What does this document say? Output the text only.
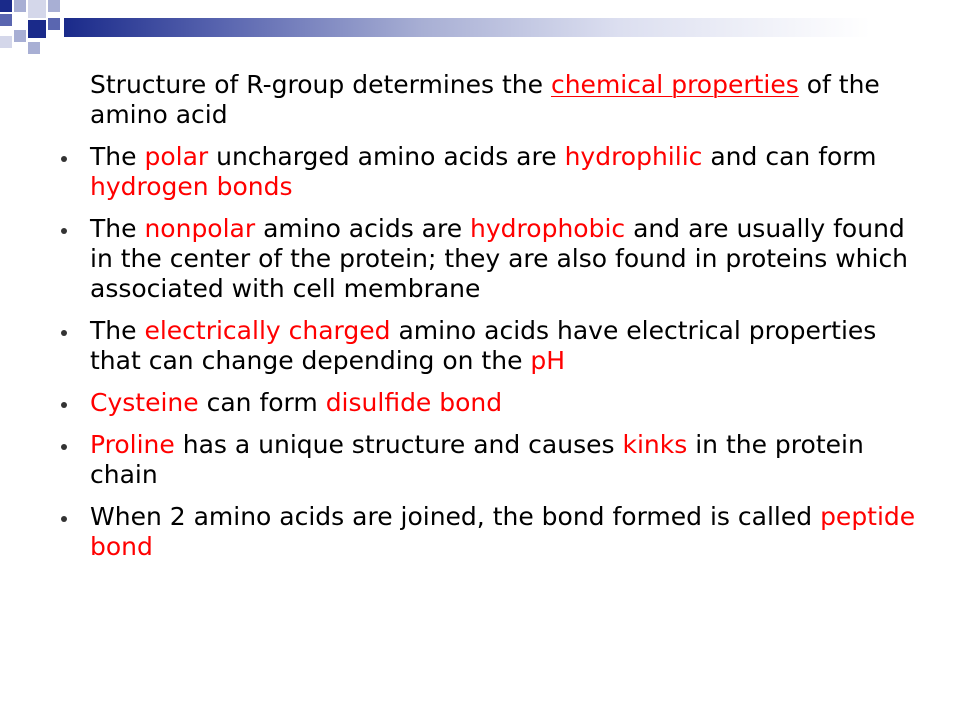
Structure of R-group determines the chemical properties of the amino acid

The polar uncharged amino acids are hydrophilic and can form hydrogen bonds
The nonpolar amino acids are hydrophobic and are usually found in the center of the protein; they are also found in proteins which associated with cell membrane
The electrically charged amino acids have electrical properties that can change depending on the pH
Cysteine can form disulfide bond
Proline has a unique structure and causes kinks in the protein chain
When 2 amino acids are joined, the bond formed is called peptide bond
